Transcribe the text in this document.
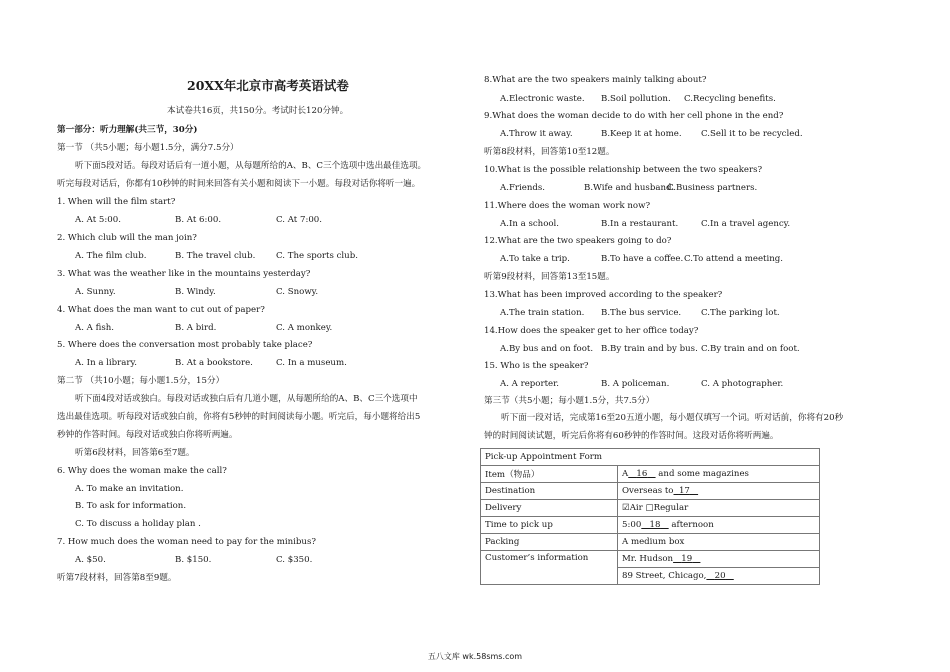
20XX年北京市高考英语试卷
本试卷共16页，共150分。考试时长120分钟。
第一部分：听力理解(共三节，30分)
第一节 （共5小题；每小题1.5分，满分7.5分）
听下面5段对话。每段对话后有一道小题，从每题所给的A、B、C三个选项中选出最佳选项。
听完每段对话后，你都有10秒钟的时间来回答有关小题和阅读下一小题。每段对话你将听一遍。
1. When will the film start?
A. At 5:00.	B. At 6:00.	C. At 7:00.
2. Which club will the man join?
A. The film club.	B. The travel club. C. The sports club.
3. What was the weather like in the mountains yesterday?
A. Sunny.	B. Windy.	C. Snowy.
4. What does the man want to cut out of paper?
A. A fish.	B. A bird.	C. A monkey.
5. Where does the conversation most probably take place?
A. In a library.	B. At a bookstore.	C. In a museum.
第二节 （共10小题；每小题1.5分，15分）
听下面4段对话或独白。每段对话或独白后有几道小题，从每题所给的A、B、C三个选项中
选出最佳选项。听每段对话或独白前，你将有5秒钟的时间阅读每小题。听完后，每小题将给出5
秒钟的作答时间。每段对话或独白你将听两遍。
听第6段材料，回答第6至7题。
6. Why does the woman make the call?
A. To make an invitation.
B. To ask for information.
C. To discuss a holiday plan .
7. How much does the woman need to pay for the minibus?
A. $50.	B. $150.	C. $350.
听第7段材料，回答第8至9题。
8.What are the two speakers mainly talking about?
A.Electronic waste. B.Soil pollution. C.Recycling benefits.
9.What does the woman decide to do with her cell phone in the end?
A.Throw it away.	B.Keep it at home. C.Sell it to be recycled.
听第8段材料，回答第10至12题。
10.What is the possible relationship between the two speakers?
A.Friends.	B.Wife and husband.
C.Business partners.
11.Where does the woman work now?
A.In a school.	B.In a restaurant.	C.In a travel agency.
12.What are the two speakers going to do?
A.To take a trip.	B.To have a coffee. C.To attend a meeting.
听第9段材料，回答第13至15题。
13.What has been improved according to the speaker?
A.The train station. B.The bus service. C.The parking lot.
14.How does the speaker get to her office today?
A.By bus and on foot. B.By train and by bus. C.By train and on foot.
15. Who is the speaker?
A. A reporter.	B. A policeman.	C. A photographer.
第三节（共5小题；每小题1.5分，共7.5分）
听下面一段对话，完成第16至20五道小题，每小题仅填写一个词。听对话前，你将有20秒
钟的时间阅读试题，听完后你将有60秒钟的作答时间。这段对话你将听两遍。
Pick-up Appointment Form	
Item（物品）	A 16 and some magazines
Destination	Overseas to 17
Delivery	☑Air □Regular
Time to pick up	5:00 18 afternoon
Packing	A medium box
Customer’s information	Mr. Hudson 19
	89 Street, Chicago, 20
五八文库 wk.58sms.com
